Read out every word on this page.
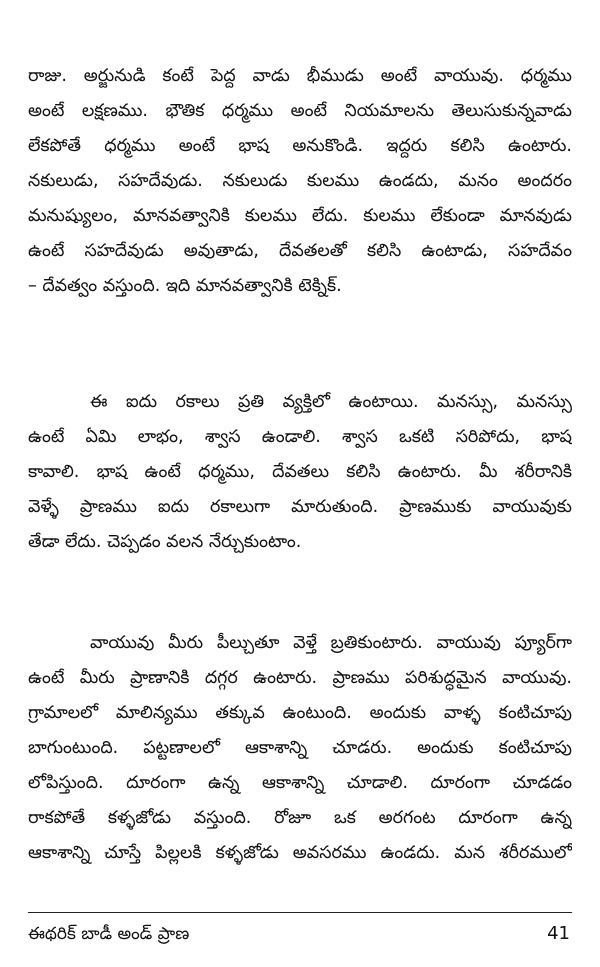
రాజు. అర్జునుడి కంటే పెద్ద వాడు భీముడు అంటే వాయువు. ధర్మము
అంటే లక్షణము. భౌతిక ధర్మము అంటే నియమాలను తెలుసుకున్నవాడు
లేకపోతే ధర్మము అంటే భాష అనుకొండి. ఇద్దరు కలిసి ఉంటారు.
నకులుడు, సహదేవుడు. నకులుడు కులము ఉండదు, మనం అందరం
మనుష్యులం, మానవత్వానికి కులము లేదు. కులము లేకుండా మానవుడు
ఉంటే సహదేవుడు అవుతాడు, దేవతలతో కలిసి ఉంటాడు, సహదేవం
– దేవత్వం వస్తుంది. ఇది మానవత్వానికి టెక్నిక్.
ఈ ఐదు రకాలు ప్రతి వ్యక్తిలో ఉంటాయి. మనస్సు, మనస్సు
ఉంటే ఏమి లాభం, శ్వాస ఉండాలి. శ్వాస ఒకటి సరిపోదు, భాష
కావాలి. భాష ఉంటే ధర్మము, దేవతలు కలిసి ఉంటారు. మీ శరీరానికి
వెళ్ళే ప్రాణము ఐదు రకాలుగా మారుతుంది. ప్రాణముకు వాయువుకు
తేడా లేదు. చెప్పడం వలన నేర్చుకుంటాం.
వాయువు మీరు పీల్చుతూ వెళ్తే బ్రతికుంటారు. వాయువు ప్యూర్‌గా
ఉంటే మీరు ప్రాణానికి దగ్గర ఉంటారు. ప్రాణము పరిశుద్ధమైన వాయువు.
గ్రామాలలో మాలిన్యము తక్కువ ఉంటుంది. అందుకు వాళ్ళ కంటిచూపు
బాగుంటుంది. పట్టణాలలో ఆకాశాన్ని చూడరు. అందుకు కంటిచూపు
లోపిస్తుంది. దూరంగా ఉన్న ఆకాశాన్ని చూడాలి. దూరంగా చూడడం
రాకపోతే కళ్ళజోడు వస్తుంది. రోజూ ఒక అరగంట దూరంగా ఉన్న
ఆకాశాన్ని చూస్తే పిల్లలకి కళ్ళజోడు అవసరము ఉండదు. మన శరీరములో
ఈథరిక్ బాడీ అండ్ ప్రాణ	41
